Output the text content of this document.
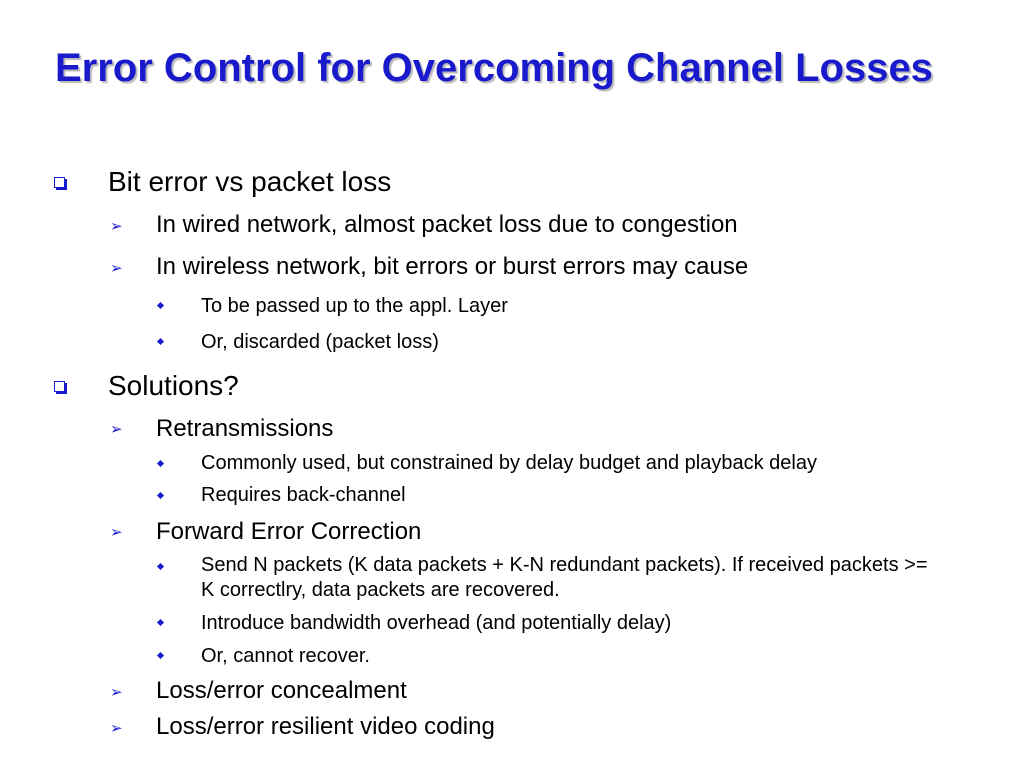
Error Control for Overcoming Channel Losses
Bit error vs packet loss
➢ In wired network, almost packet loss due to congestion
➢ In wireless network, bit errors or burst errors may cause
To be passed up to the appl. Layer
Or, discarded (packet loss)
Solutions?
➢ Retransmissions
Commonly used, but constrained by delay budget and playback delay
Requires back-channel
➢ Forward Error Correction
Send N packets (K data packets + K-N redundant packets). If received packets >= K correctlry, data packets are recovered.
Introduce bandwidth overhead (and potentially delay)
Or, cannot recover.
➢ Loss/error concealment
➢ Loss/error resilient video coding
